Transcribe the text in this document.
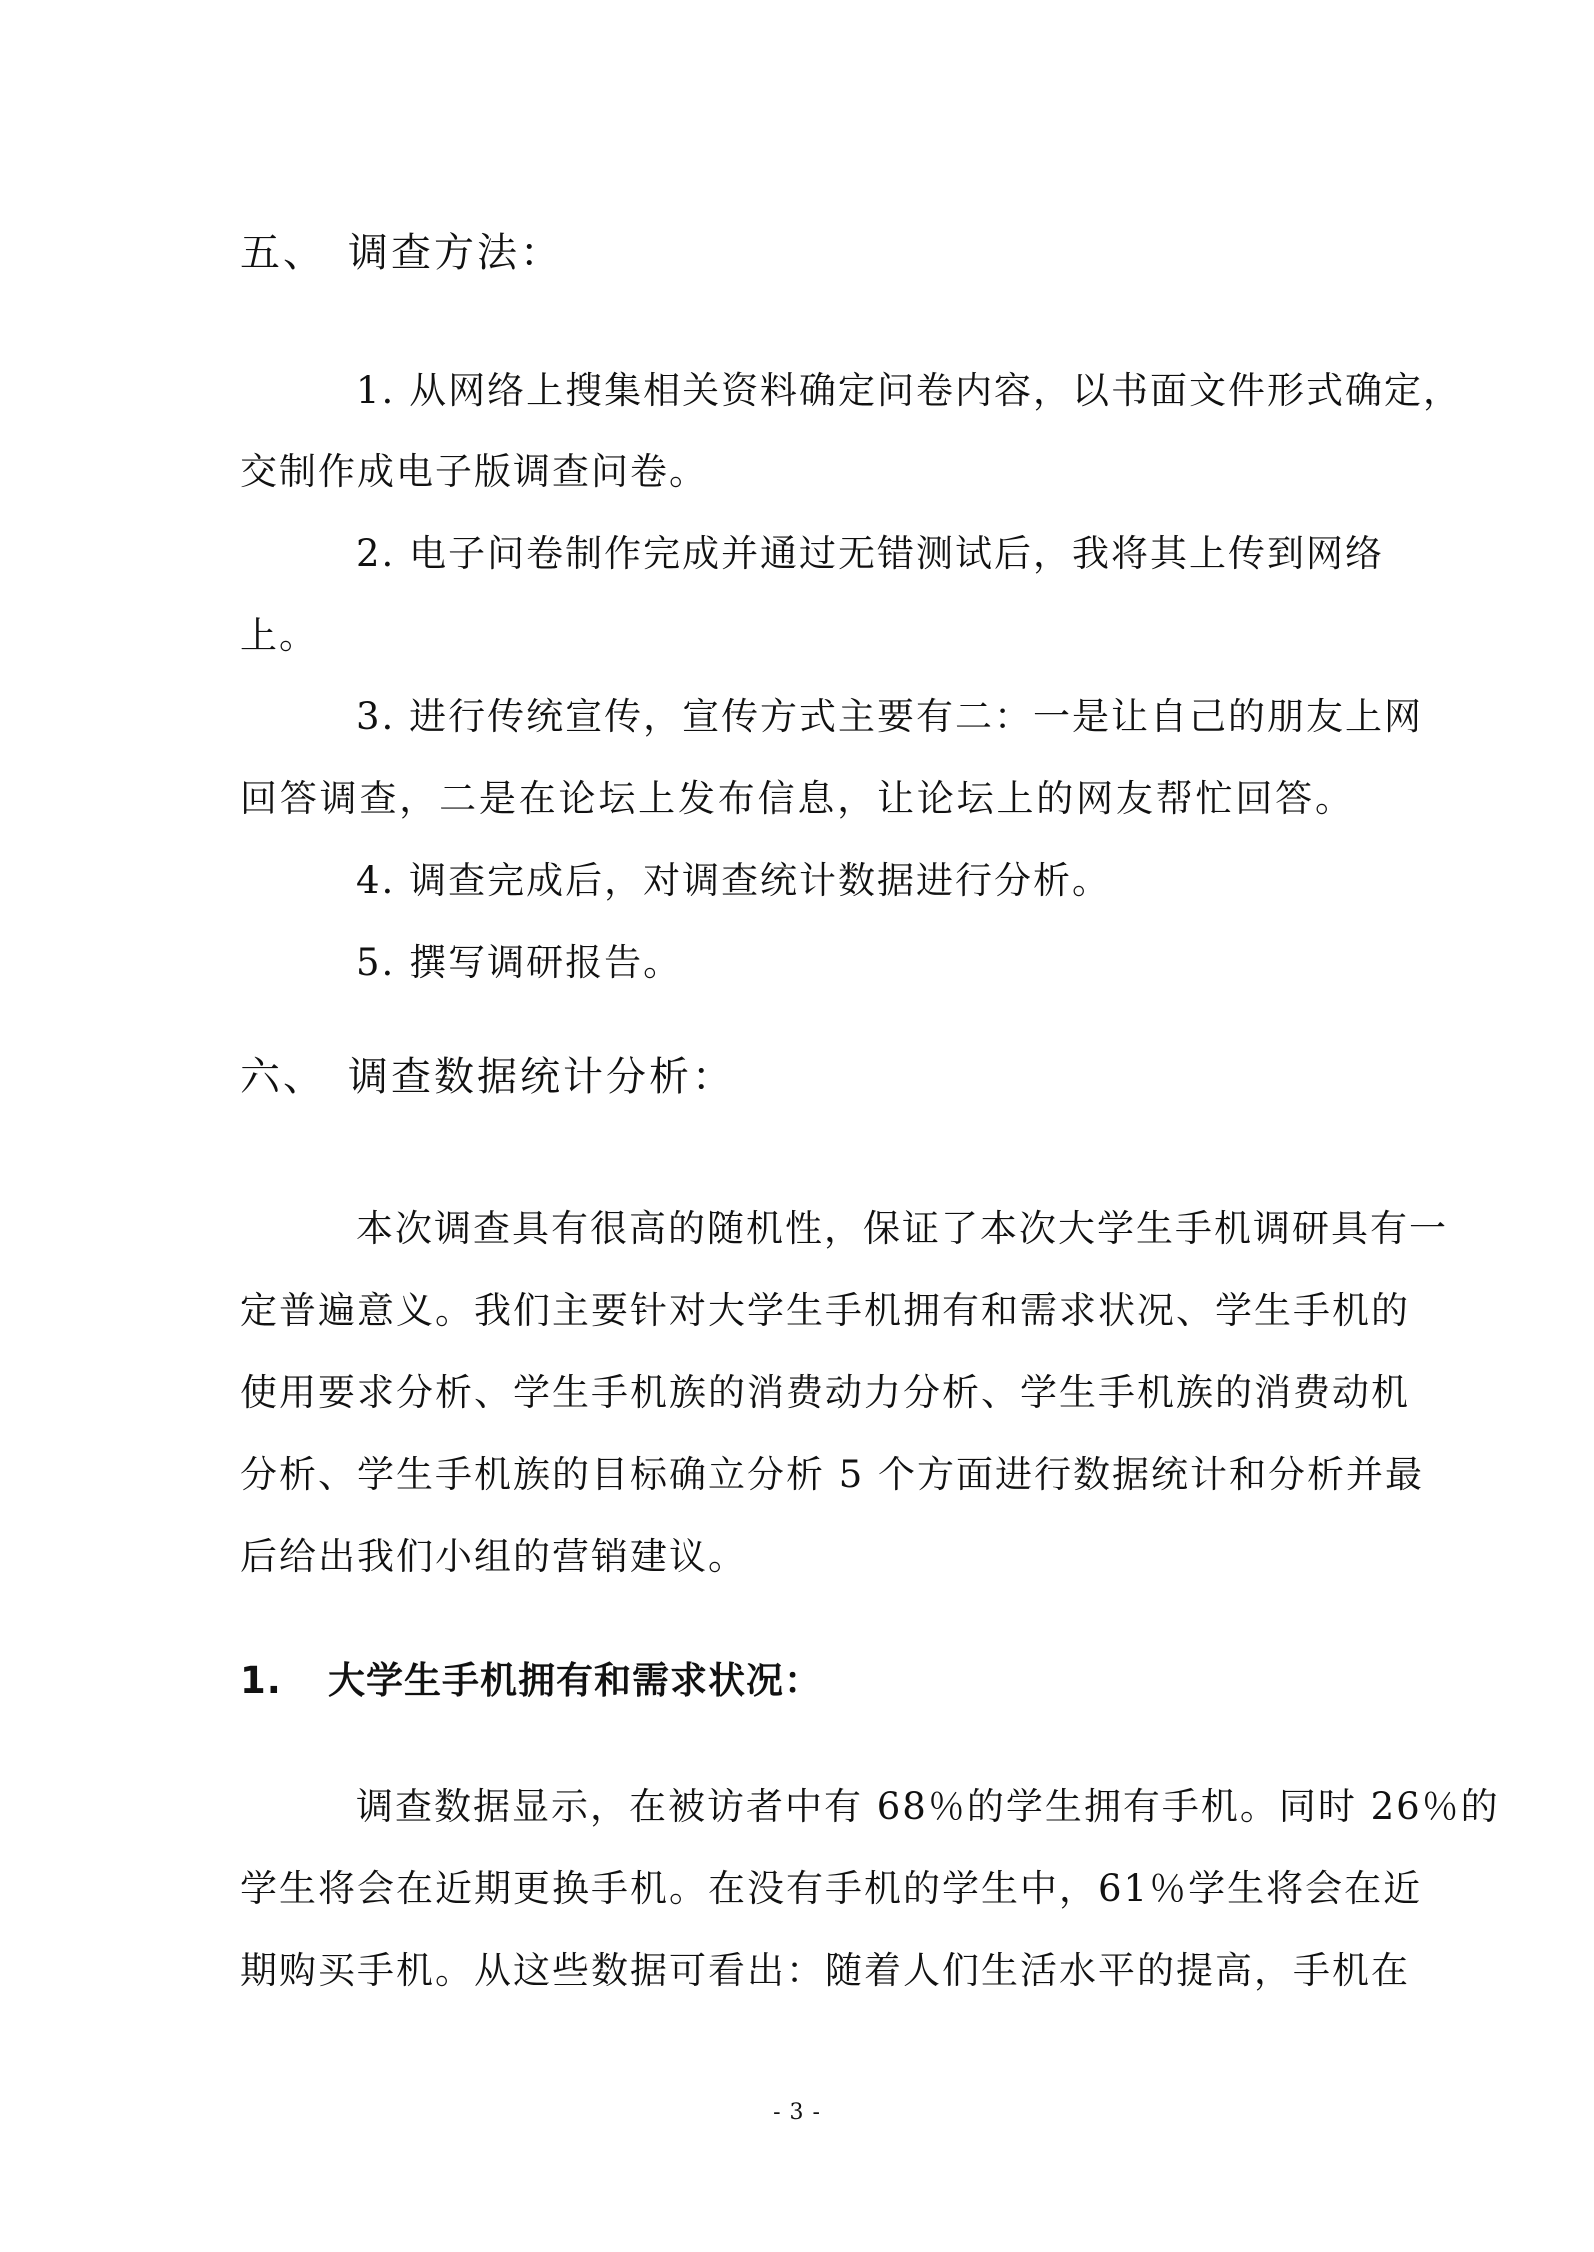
五、 调查方法：
1. 从网络上搜集相关资料确定问卷内容，以书面文件形式确定，
交制作成电子版调查问卷。
2. 电子问卷制作完成并通过无错测试后，我将其上传到网络
上。
3. 进行传统宣传，宣传方式主要有二：一是让自己的朋友上网
回答调查，二是在论坛上发布信息，让论坛上的网友帮忙回答。
4. 调查完成后，对调查统计数据进行分析。
5. 撰写调研报告。
六、 调查数据统计分析：
本次调查具有很高的随机性，保证了本次大学生手机调研具有一
定普遍意义。我们主要针对大学生手机拥有和需求状况、学生手机的
使用要求分析、学生手机族的消费动力分析、学生手机族的消费动机
分析、学生手机族的目标确立分析 5 个方面进行数据统计和分析并最
后给出我们小组的营销建议。
1. 大学生手机拥有和需求状况：
调查数据显示，在被访者中有 68％的学生拥有手机。同时 26％的
学生将会在近期更换手机。在没有手机的学生中，61％学生将会在近
期购买手机。从这些数据可看出：随着人们生活水平的提高，手机在
- 3 -
